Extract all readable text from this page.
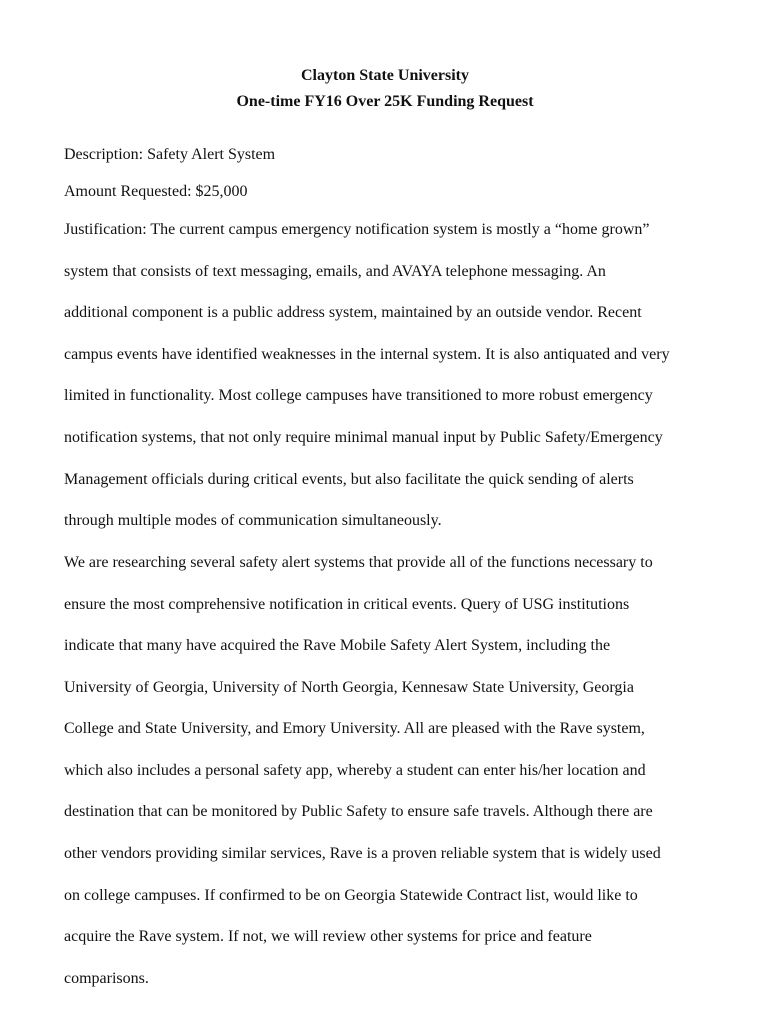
Clayton State University
One-time FY16 Over 25K Funding Request
Description: Safety Alert System
Amount Requested: $25,000
Justification: The current campus emergency notification system is mostly a “home grown”
system that consists of text messaging, emails, and AVAYA telephone messaging. An
additional component is a public address system, maintained by an outside vendor. Recent
campus events have identified weaknesses in the internal system. It is also antiquated and very
limited in functionality. Most college campuses have transitioned to more robust emergency
notification systems, that not only require minimal manual input by Public Safety/Emergency
Management officials during critical events, but also facilitate the quick sending of alerts
through multiple modes of communication simultaneously.
We are researching several safety alert systems that provide all of the functions necessary to
ensure the most comprehensive notification in critical events. Query of USG institutions
indicate that many have acquired the Rave Mobile Safety Alert System, including the
University of Georgia, University of North Georgia, Kennesaw State University, Georgia
College and State University, and Emory University. All are pleased with the Rave system,
which also includes a personal safety app, whereby a student can enter his/her location and
destination that can be monitored by Public Safety to ensure safe travels. Although there are
other vendors providing similar services, Rave is a proven reliable system that is widely used
on college campuses. If confirmed to be on Georgia Statewide Contract list, would like to
acquire the Rave system. If not, we will review other systems for price and feature
comparisons.
